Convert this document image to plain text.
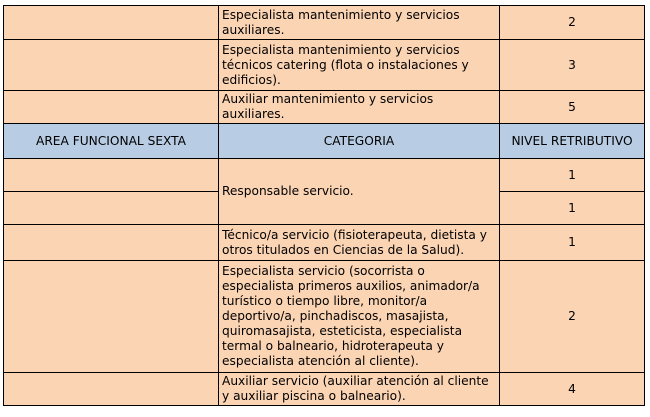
	Especialista mantenimiento y servicios auxiliares.	2

	Especialista mantenimiento y servicios técnicos catering (flota o instalaciones y edificios).	3

	Auxiliar mantenimiento y servicios auxiliares.	5
AREA FUNCIONAL SEXTA	CATEGORIA	NIVEL RETRIBUTIVO

	Responsable servicio.	1
		1

	Técnico/a servicio (fisioterapeuta, dietista y otros titulados en Ciencias de la Salud).	1

	Especialista servicio (socorrista o especialista primeros auxilios, animador/a turístico o tiempo libre, monitor/a deportivo/a, pinchadiscos, masajista, quiromasajista, esteticista, especialista termal o balneario, hidroterapeuta y especialista atención al cliente).	2

	Auxiliar servicio (auxiliar atención al cliente y auxiliar piscina o balneario).	4
